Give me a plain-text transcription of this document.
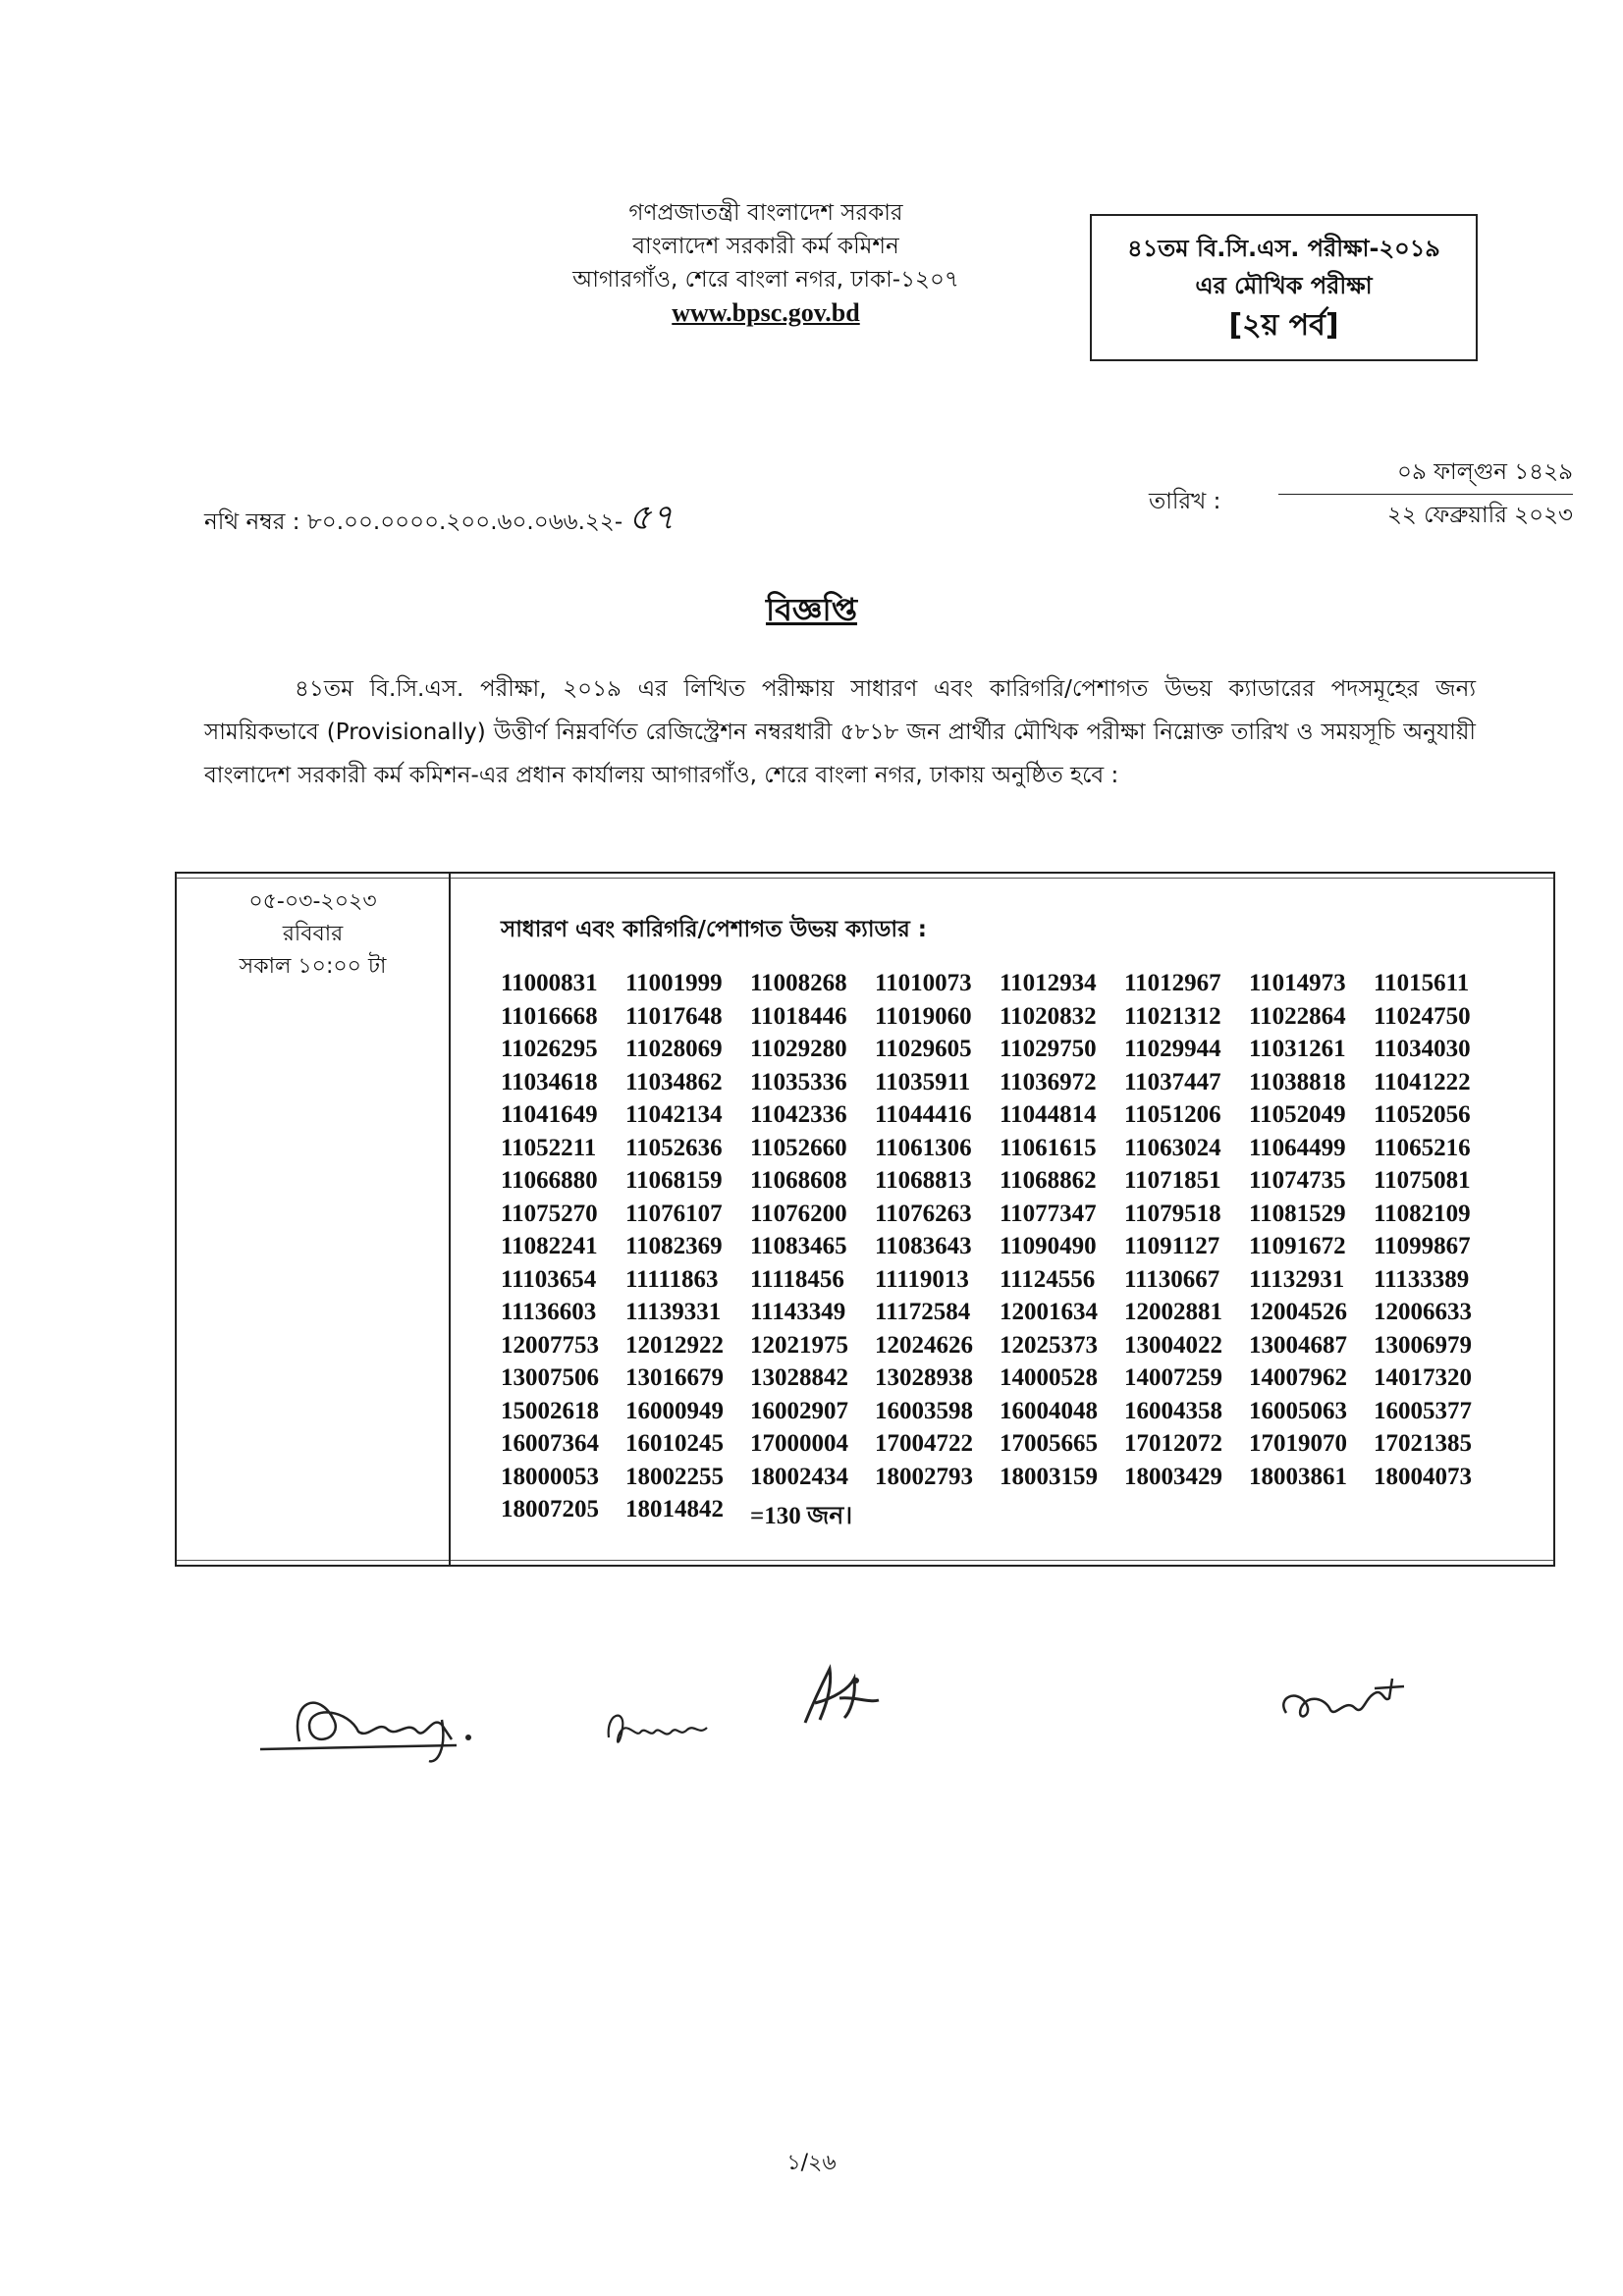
গণপ্রজাতন্ত্রী বাংলাদেশ সরকার
বাংলাদেশ সরকারী কর্ম কমিশন
আগারগাঁও, শেরে বাংলা নগর, ঢাকা-১২০৭
www.bpsc.gov.bd
৪১তম বি.সি.এস. পরীক্ষা-২০১৯
এর মৌখিক পরীক্ষা
[২য় পর্ব]
নথি নম্বর : ৮০.০০.০০০০.২০০.৬০.০৬৬.২২- ৫৭	তারিখ :
০৯ ফাল্গুন ১৪২৯
২২ ফেব্রুয়ারি ২০২৩
বিজ্ঞপ্তি
৪১তম বি.সি.এস. পরীক্ষা, ২০১৯ এর লিখিত পরীক্ষায় সাধারণ এবং কারিগরি/পেশাগত উভয় ক্যাডারের পদসমূহের জন্য সাময়িকভাবে (Provisionally) উত্তীর্ণ নিম্নবর্ণিত রেজিস্ট্রেশন নম্বরধারী ৫৮১৮ জন প্রার্থীর মৌখিক পরীক্ষা নিম্নোক্ত তারিখ ও সময়সূচি অনুযায়ী বাংলাদেশ সরকারী কর্ম কমিশন-এর প্রধান কার্যালয় আগারগাঁও, শেরে বাংলা নগর, ঢাকায় অনুষ্ঠিত হবে :
০৫-০৩-২০২৩
রবিবার
সকাল ১০:০০ টা
সাধারণ এবং কারিগরি/পেশাগত উভয় ক্যাডার :
11000831	11001999	11008268	11010073	11012934	11012967	11014973	11015611
11016668	11017648	11018446	11019060	11020832	11021312	11022864	11024750
11026295	11028069	11029280	11029605	11029750	11029944	11031261	11034030
11034618	11034862	11035336	11035911	11036972	11037447	11038818	11041222
11041649	11042134	11042336	11044416	11044814	11051206	11052049	11052056
11052211	11052636	11052660	11061306	11061615	11063024	11064499	11065216
11066880	11068159	11068608	11068813	11068862	11071851	11074735	11075081
11075270	11076107	11076200	11076263	11077347	11079518	11081529	11082109
11082241	11082369	11083465	11083643	11090490	11091127	11091672	11099867
11103654	11111863	11118456	11119013	11124556	11130667	11132931	11133389
11136603	11139331	11143349	11172584	12001634	12002881	12004526	12006633
12007753	12012922	12021975	12024626	12025373	13004022	13004687	13006979
13007506	13016679	13028842	13028938	14000528	14007259	14007962	14017320
15002618	16000949	16002907	16003598	16004048	16004358	16005063	16005377
16007364	16010245	17000004	17004722	17005665	17012072	17019070	17021385
18000053	18002255	18002434	18002793	18003159	18003429	18003861	18004073
18007205	18014842	=130 জন।
১/২৬
